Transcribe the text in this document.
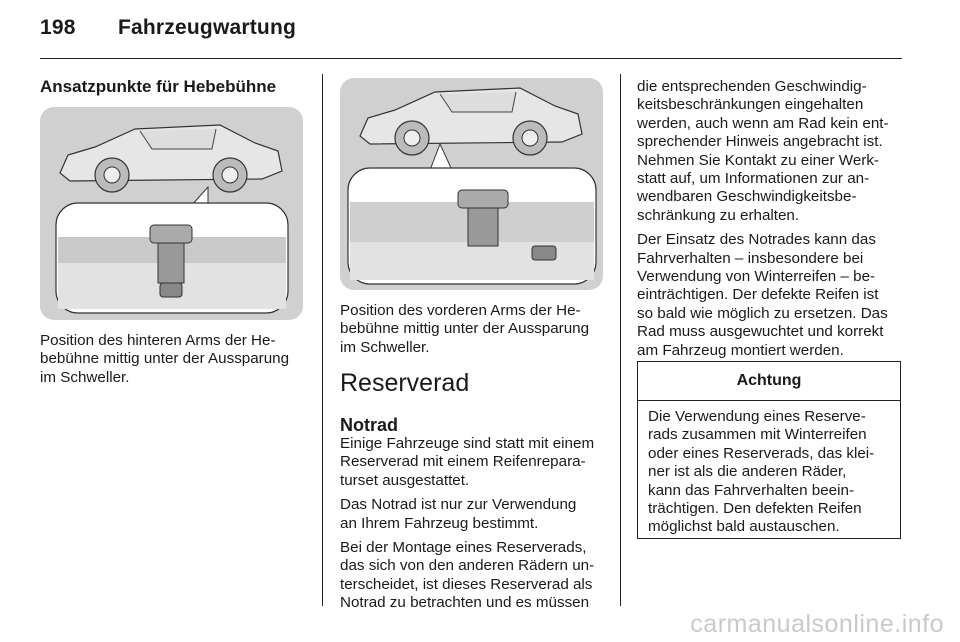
198 Fahrzeugwartung
Ansatzpunkte für Hebebühne

Position des hinteren Arms der He-
bebühne mittig unter der Aussparung
im Schweller.

Position des vorderen Arms der He-
bebühne mittig unter der Aussparung
im Schweller.

Reserverad
Notrad

Einige Fahrzeuge sind statt mit einem
Reserverad mit einem Reifenrepara-
turset ausgestattet.

Das Notrad ist nur zur Verwendung
an Ihrem Fahrzeug bestimmt.

Bei der Montage eines Reserverads,
das sich von den anderen Rädern un-
terscheidet, ist dieses Reserverad als
Notrad zu betrachten und es müssen

die entsprechenden Geschwindig-
keitsbeschränkungen eingehalten
werden, auch wenn am Rad kein ent-
sprechender Hinweis angebracht ist.
Nehmen Sie Kontakt zu einer Werk-
statt auf, um Informationen zur an-
wendbaren Geschwindigkeitsbe-
schränkung zu erhalten.

Der Einsatz des Notrades kann das
Fahrverhalten – insbesondere bei
Verwendung von Winterreifen – be-
einträchtigen. Der defekte Reifen ist
so bald wie möglich zu ersetzen. Das
Rad muss ausgewuchtet und korrekt
am Fahrzeug montiert werden.

Achtung
Die Verwendung eines Reserve-
rads zusammen mit Winterreifen
oder eines Reserverads, das klei-
ner ist als die anderen Räder,
kann das Fahrverhalten beein-
trächtigen. Den defekten Reifen
möglichst bald austauschen.
carmanualsonline.info
